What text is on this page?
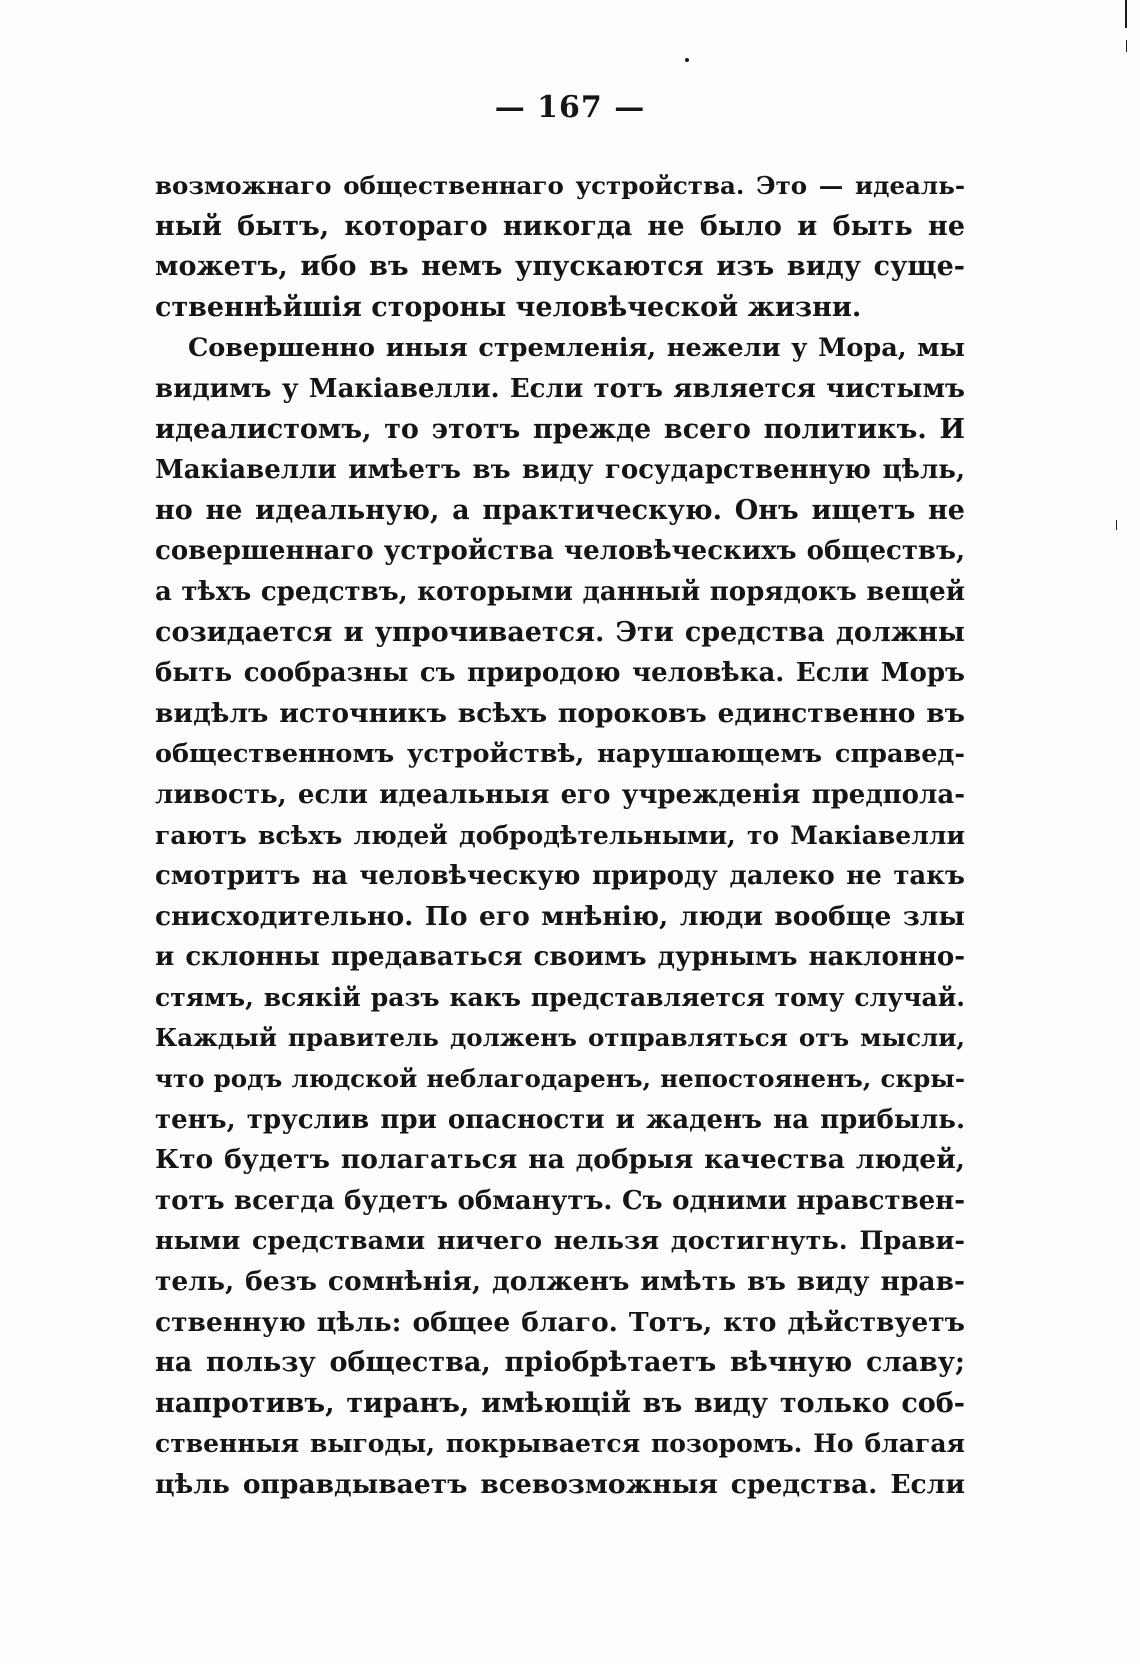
— 167 —
возможнаго общественнаго устройства. Это — идеаль-
ный бытъ, котораго никогда не было и быть не
можетъ, ибо въ немъ упускаются изъ виду суще-
ственнѣйшія стороны человѣческой жизни.
Совершенно иныя стремленія, нежели у Мора, мы
видимъ у Макіавелли. Если тотъ является чистымъ
идеалистомъ, то этотъ прежде всего политикъ. И
Макіавелли имѣетъ въ виду государственную цѣль,
но не идеальную, а практическую. Онъ ищетъ не
совершеннаго устройства человѣческихъ обществъ,
а тѣхъ средствъ, которыми данный порядокъ вещей
созидается и упрочивается. Эти средства должны
быть сообразны съ природою человѣка. Если Моръ
видѣлъ источникъ всѣхъ пороковъ единственно въ
общественномъ устройствѣ, нарушающемъ справед-
ливость, если идеальныя его учрежденія предпола-
гаютъ всѣхъ людей добродѣтельными, то Макіавелли
смотритъ на человѣческую природу далеко не такъ
снисходительно. По его мнѣнію, люди вообще злы
и склонны предаваться своимъ дурнымъ наклонно-
стямъ, всякій разъ какъ представляется тому случай.
Каждый правитель долженъ отправляться отъ мысли,
что родъ людской неблагодаренъ, непостояненъ, скры-
тенъ, труслив при опасности и жаденъ на прибыль.
Кто будетъ полагаться на добрыя качества людей,
тотъ всегда будетъ обманутъ. Съ одними нравствен-
ными средствами ничего нельзя достигнуть. Прави-
тель, безъ сомнѣнія, долженъ имѣть въ виду нрав-
ственную цѣль: общее благо. Тотъ, кто дѣйствуетъ
на пользу общества, пріобрѣтаетъ вѣчную славу;
напротивъ, тиранъ, имѣющій въ виду только соб-
ственныя выгоды, покрывается позоромъ. Но благая
цѣль оправдываетъ всевозможныя средства. Если
